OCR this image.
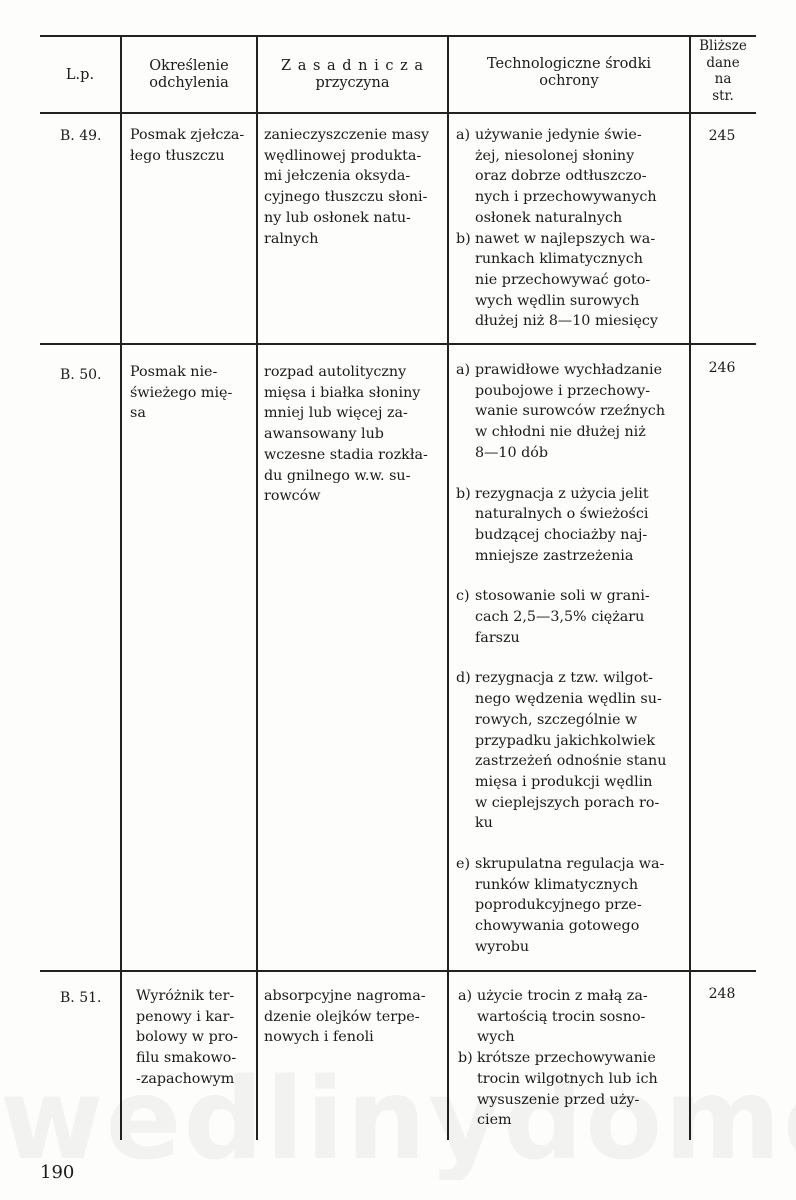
L.p.
Określenie
odchylenia
Z a s a d n i c z a
przyczyna
Technologiczne środki
ochrony
Bliższe
dane
na
str.
B. 49. Posmak zjełcza-
łego tłuszczu
zanieczyszczenie masy
wędlinowej produkta-
mi jełczenia oksyda-
cyjnego tłuszczu słoni-
ny lub osłonek natu-
ralnych
a) używanie jedynie świe-
żej, niesolonej słoniny
oraz dobrze odtłuszczo-
nych i przechowywanych
osłonek naturalnych
b) nawet w najlepszych wa-
runkach klimatycznych
nie przechowywać goto-
wych wędlin surowych
dłużej niż 8—10 miesięcy
245
B. 50. Posmak nie-
świeżego mię-
sa
rozpad autolityczny
mięsa i białka słoniny
mniej lub więcej za-
awansowany lub
wczesne stadia rozkła-
du gnilnego w.w. su-
rowców
a) prawidłowe wychładzanie
poubojowe i przechowy-
wanie surowców rzeźnych
w chłodni nie dłużej niż
8—10 dób
b) rezygnacja z użycia jelit
naturalnych o świeżości
budzącej chociażby naj-
mniejsze zastrzeżenia
c) stosowanie soli w grani-
cach 2,5—3,5% ciężaru
farszu
d) rezygnacja z tzw. wilgot-
nego wędzenia wędlin su-
rowych, szczególnie w
przypadku jakichkolwiek
zastrzeżeń odnośnie stanu
mięsa i produkcji wędlin
w cieplejszych porach ro-
ku
e) skrupulatna regulacja wa-
runków klimatycznych
poprodukcyjnego prze-
chowywania gotowego
wyrobu
246
B. 51. Wyróżnik ter-
penowy i kar-
bolowy w pro-
filu smakowo-
-zapachowym
absorpcyjne nagroma-
dzenie olejków terpe-
nowych i fenoli
a) użycie trocin z małą za-
wartością trocin sosno-
wych
b) krótsze przechowywanie
trocin wilgotnych lub ich
wysuszenie przed uży-
ciem
248
190
